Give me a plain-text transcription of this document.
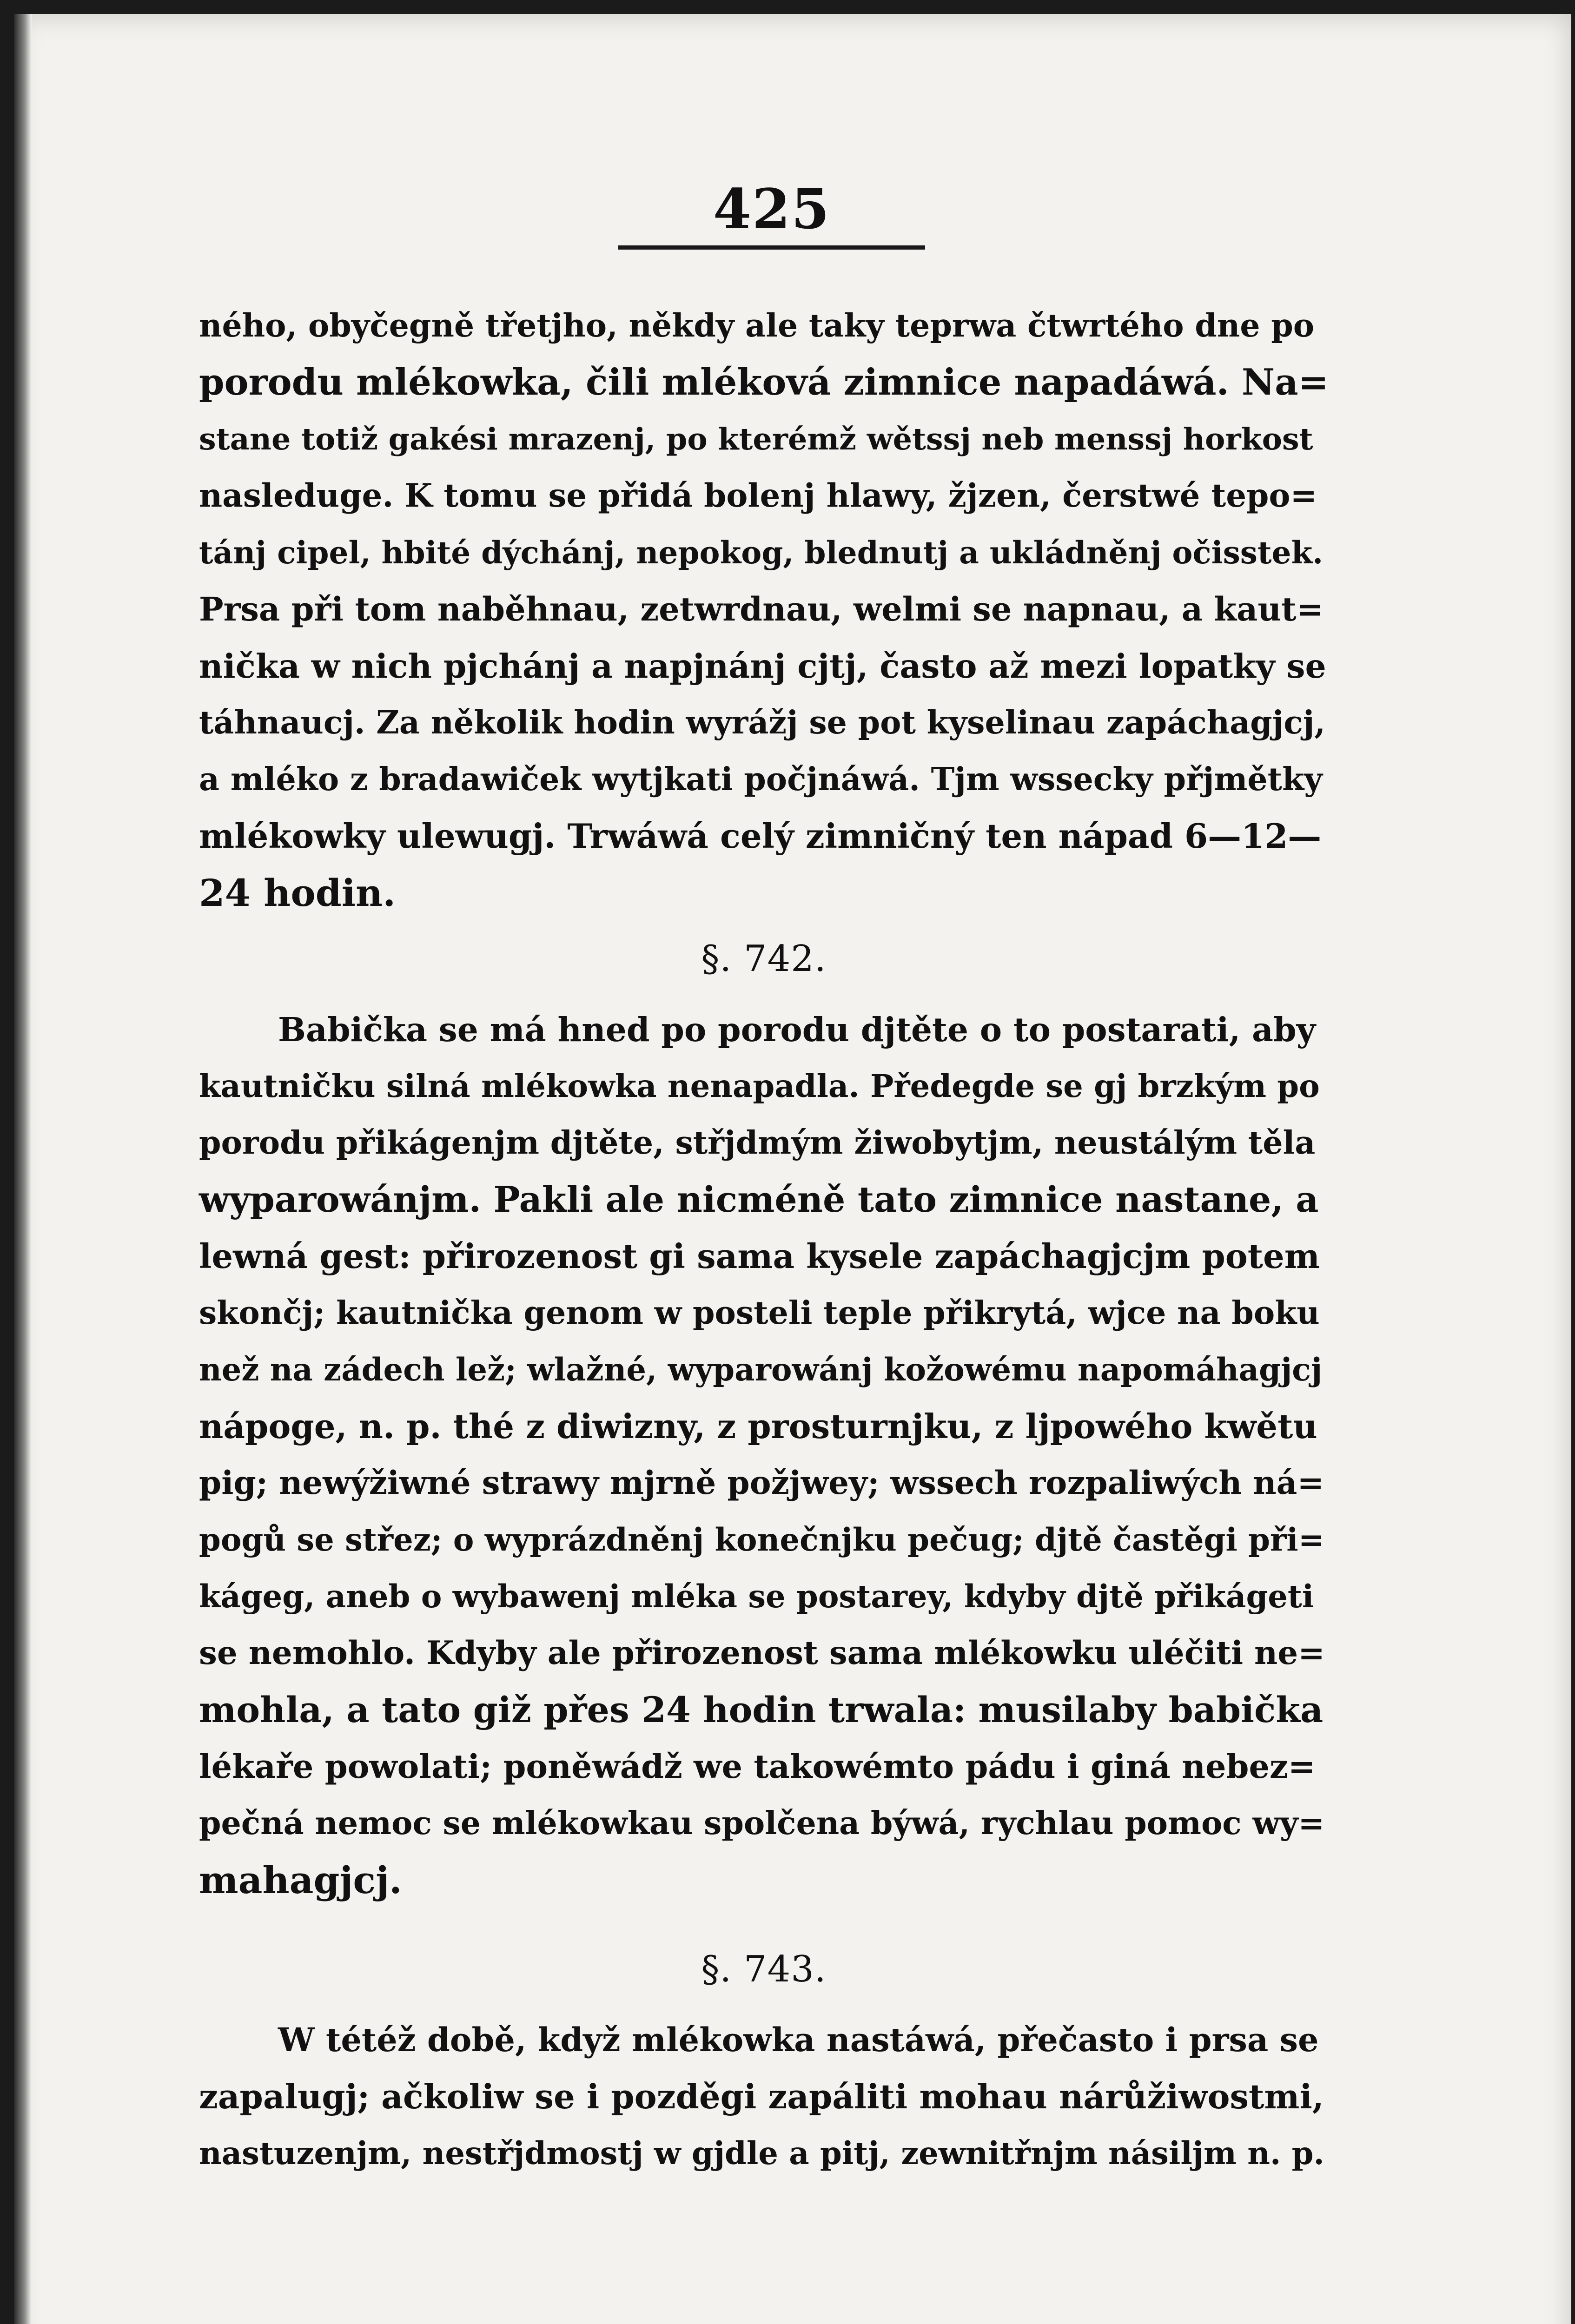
425
ného, obyčegně třetjho, někdy ale taky teprwa čtwrtého dne po
porodu mlékowka, čili mléková zimnice napadáwá. Na=
stane totiž gakési mrazenj, po kterémž wětssj neb menssj horkost
nasleduge. K tomu se přidá bolenj hlawy, žjzen, čerstwé tepo=
tánj cipel, hbité dýchánj, nepokog, blednutj a ukládněnj očisstek.
Prsa při tom naběhnau, zetwrdnau, welmi se napnau, a kaut=
nička w nich pjchánj a napjnánj cjtj, často až mezi lopatky se
táhnaucj. Za několik hodin wyrážj se pot kyselinau zapáchagjcj,
a mléko z bradawiček wytjkati počjnáwá. Tjm wssecky přjmětky
mlékowky ulewugj. Trwáwá celý zimničný ten nápad 6—12—
24 hodin.
§. 742.
Babička se má hned po porodu djtěte o to postarati, aby
kautničku silná mlékowka nenapadla. Předegde se gj brzkým po
porodu přikágenjm djtěte, střjdmým žiwobytjm, neustálým těla
wyparowánjm. Pakli ale nicméně tato zimnice nastane, a
lewná gest: přirozenost gi sama kysele zapáchagjcjm potem
skončj; kautnička genom w posteli teple přikrytá, wjce na boku
než na zádech lež; wlažné, wyparowánj kožowému napomáhagjcj
nápoge, n. p. thé z diwizny, z prosturnjku, z ljpowého kwětu
pig; newýžiwné strawy mjrně požjwey; wssech rozpaliwých ná=
pogů se střez; o wyprázdněnj konečnjku pečug; djtě častěgi při=
kágeg, aneb o wybawenj mléka se postarey, kdyby djtě přikágeti
se nemohlo. Kdyby ale přirozenost sama mlékowku uléčiti ne=
mohla, a tato giž přes 24 hodin trwala: musilaby babička
lékaře powolati; poněwádž we takowémto pádu i giná nebez=
pečná nemoc se mlékowkau spolčena býwá, rychlau pomoc wy=
mahagjcj.
§. 743.
W tétéž době, když mlékowka nastáwá, přečasto i prsa se
zapalugj; ačkoliw se i pozděgi zapáliti mohau nárůžiwostmi,
nastuzenjm, nestřjdmostj w gjdle a pitj, zewnitřnjm násiljm n. p.
